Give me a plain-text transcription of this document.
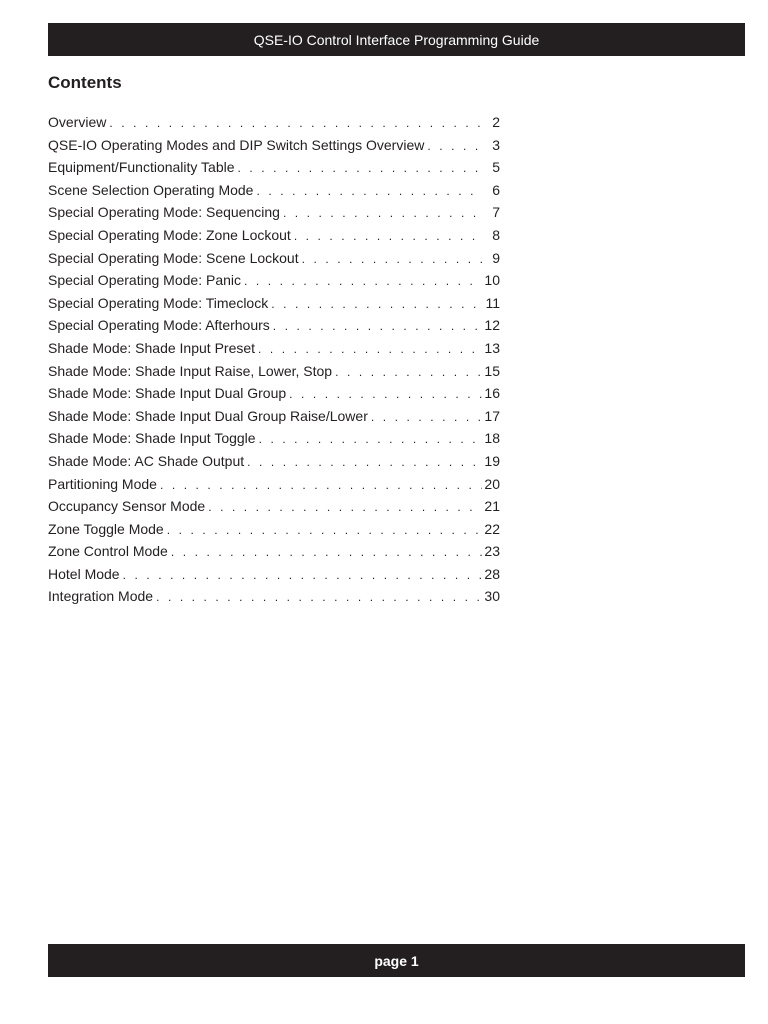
QSE-IO Control Interface Programming Guide
Contents
Overview . . .	2
QSE-IO Operating Modes and DIP Switch Settings Overview . . .	3
Equipment/Functionality Table . . .	5
Scene Selection Operating Mode . . .	6
Special Operating Mode: Sequencing . . .	7
Special Operating Mode: Zone Lockout . . .	8
Special Operating Mode: Scene Lockout . . .	9
Special Operating Mode: Panic . . .	10
Special Operating Mode: Timeclock . . .	11
Special Operating Mode: Afterhours . . .	12
Shade Mode: Shade Input Preset . . .	13
Shade Mode: Shade Input Raise, Lower, Stop . . .	15
Shade Mode: Shade Input Dual Group . . .	16
Shade Mode: Shade Input Dual Group Raise/Lower . . .	17
Shade Mode: Shade Input Toggle . . .	18
Shade Mode: AC Shade Output . . .	19
Partitioning Mode . . .	20
Occupancy Sensor Mode . . .	21
Zone Toggle Mode . . .	22
Zone Control Mode . . .	23
Hotel Mode . . .	28
Integration Mode . . .	30
page 1
